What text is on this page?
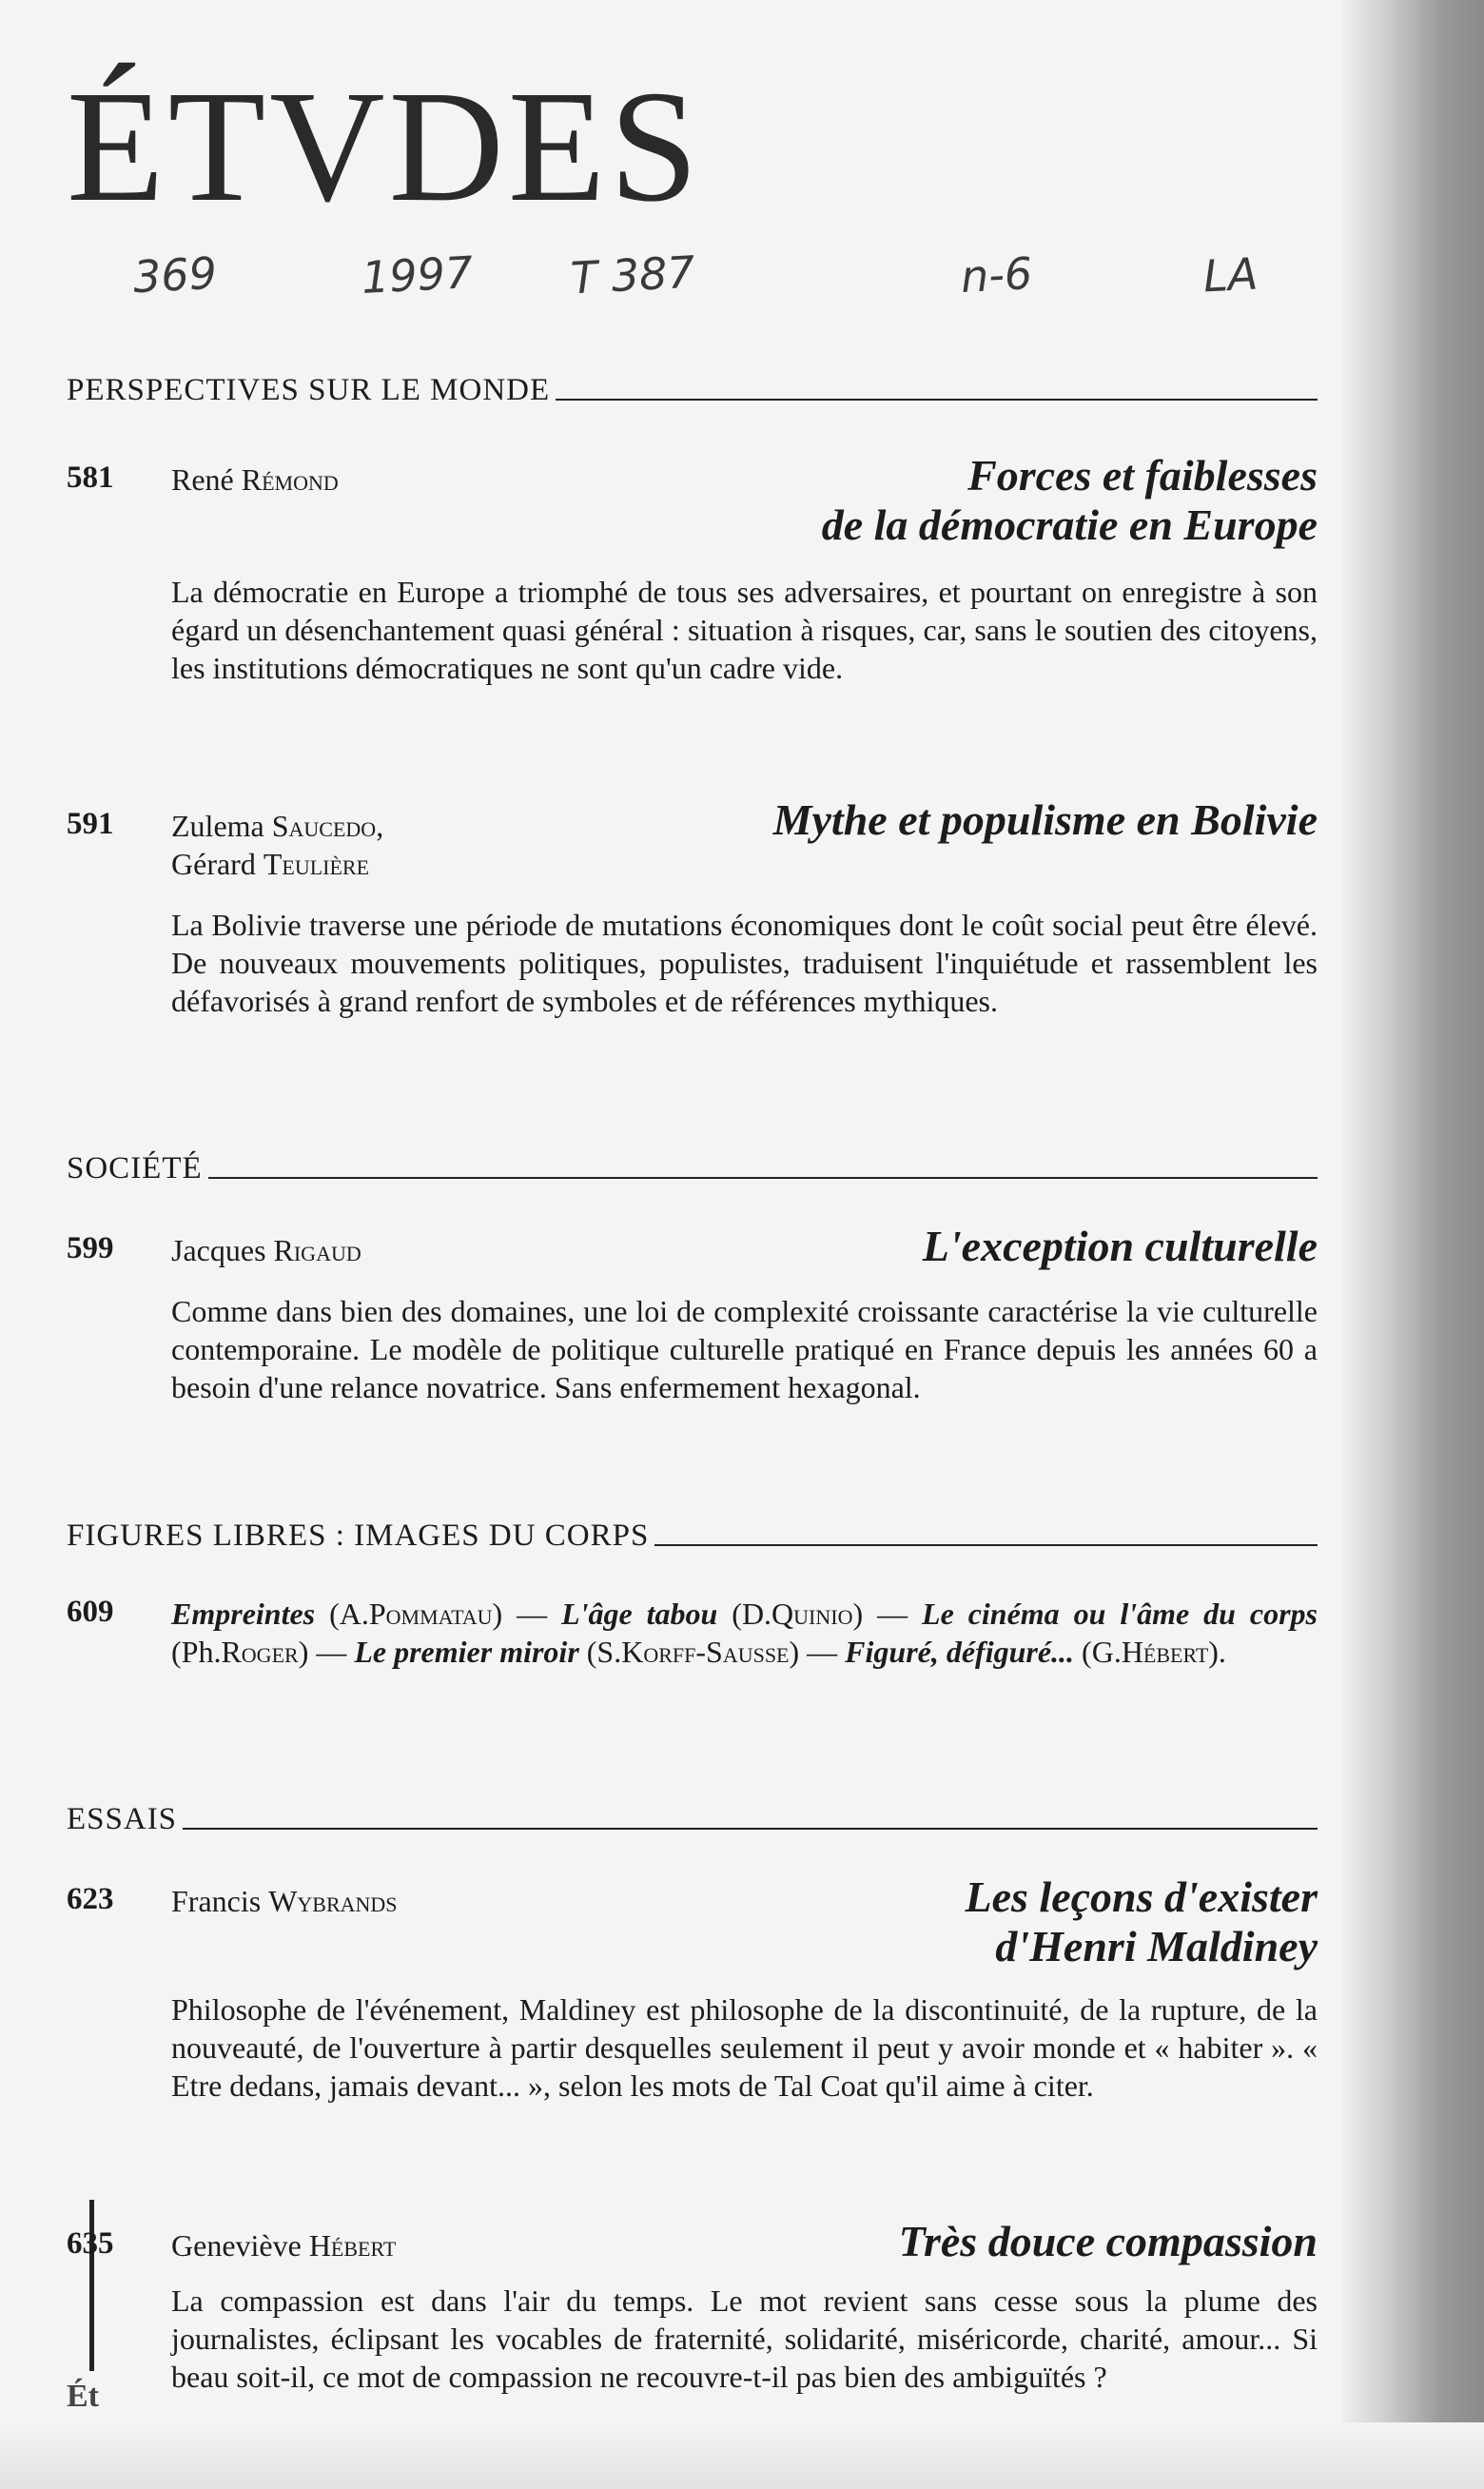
ÉTVDES
369	1997 T 387	n-6	LA
PERSPECTIVES SUR LE MONDE
581 René Rémond	Forces et faiblesses
de la démocratie en Europe

La démocratie en Europe a triomphé de tous ses adversaires, et pourtant on enregistre à son égard un désenchantement quasi général : situation à risques, car, sans le soutien des citoyens, les institutions démocratiques ne sont qu'un cadre vide.

591 Zulema Saucedo,
Gérard Teulière
Mythe et populisme en Bolivie

La Bolivie traverse une période de mutations économiques dont le coût social peut être élevé. De nouveaux mouvements politiques, populistes, traduisent l'inquiétude et rassemblent les défavorisés à grand renfort de symboles et de références mythiques.

SOCIÉTÉ
599 Jacques Rigaud	L'exception culturelle

Comme dans bien des domaines, une loi de complexité croissante caractérise la vie culturelle contemporaine. Le modèle de politique culturelle pratiqué en France depuis les années 60 a besoin d'une relance novatrice. Sans enfermement hexagonal.

FIGURES LIBRES : IMAGES DU CORPS
609 Empreintes (A.Pommatau) — L'âge tabou (D.Quinio) — Le cinéma ou l'âme du corps (Ph.Roger) — Le premier miroir (S.Korff-Sausse) — Figuré, défiguré... (G.Hébert).
ESSAIS
623 Francis Wybrands	Les leçons d'exister
d'Henri Maldiney

Philosophe de l'événement, Maldiney est philosophe de la discontinuité, de la rupture, de la nouveauté, de l'ouverture à partir desquelles seulement il peut y avoir monde et « habiter ». « Etre dedans, jamais devant... », selon les mots de Tal Coat qu'il aime à citer.

635 Geneviève Hébert	Très douce compassion

La compassion est dans l'air du temps. Le mot revient sans cesse sous la plume des journalistes, éclipsant les vocables de fraternité, solidarité, miséricorde, charité, amour... Si beau soit-il, ce mot de compassion ne recouvre-t-il pas bien des ambiguïtés ?

Ét
